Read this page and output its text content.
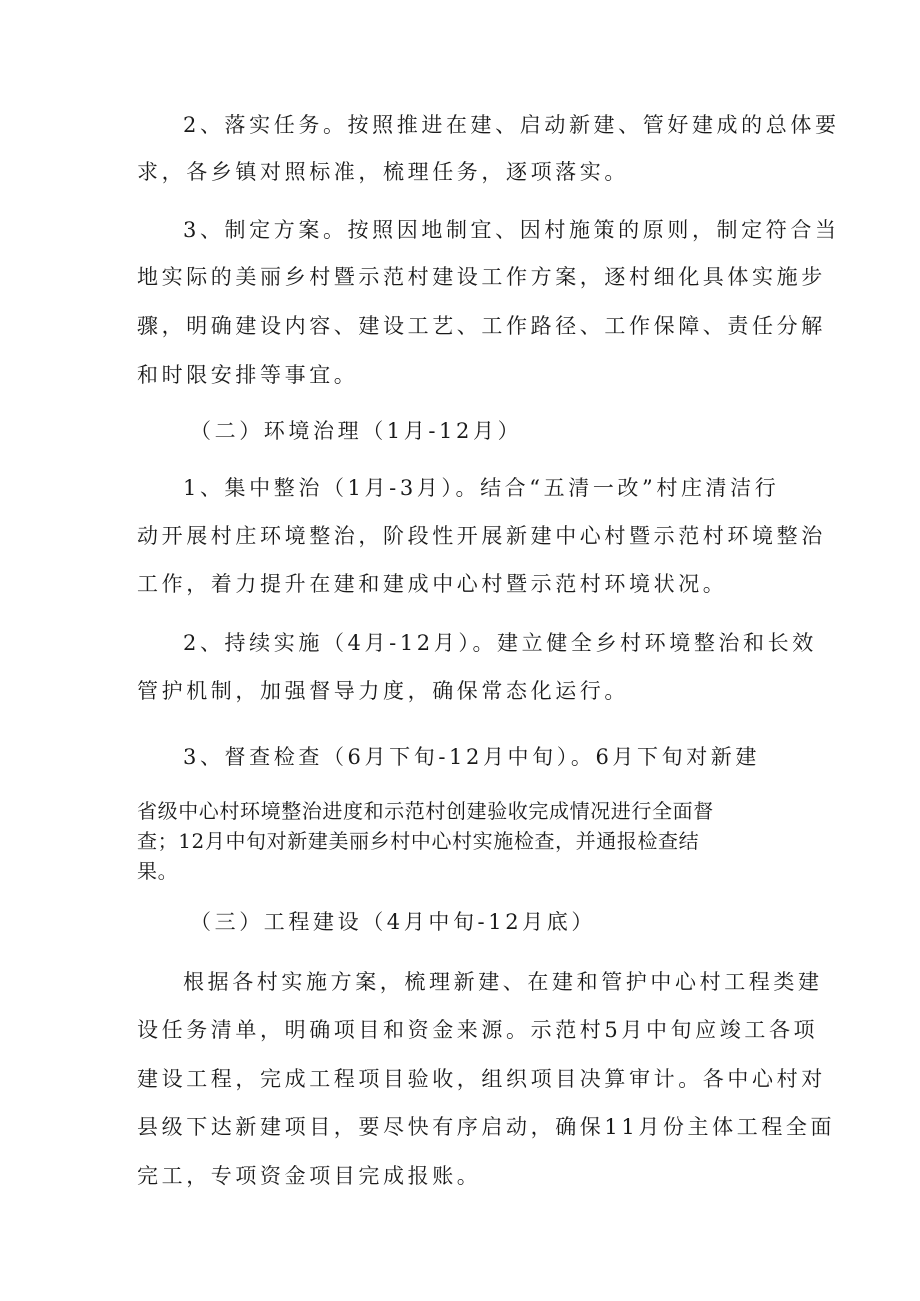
2、落实任务。按照推进在建、启动新建、管好建成的总体要
求，各乡镇对照标准，梳理任务，逐项落实。
3、制定方案。按照因地制宜、因村施策的原则，制定符合当
地实际的美丽乡村暨示范村建设工作方案，逐村细化具体实施步
骤，明确建设内容、建设工艺、工作路径、工作保障、责任分解
和时限安排等事宜。
（二）环境治理（1月-12月）
1、集中整治（1月-3月）。结合“五清一改”村庄清洁行
动开展村庄环境整治，阶段性开展新建中心村暨示范村环境整治
工作，着力提升在建和建成中心村暨示范村环境状况。
2、持续实施（4月-12月）。建立健全乡村环境整治和长效
管护机制，加强督导力度，确保常态化运行。
3、督查检查（6月下旬-12月中旬）。6月下旬对新建
省级中心村环境整治进度和示范村创建验收完成情况进行全面督
查；12月中旬对新建美丽乡村中心村实施检查，并通报检查结
果。
（三）工程建设（4月中旬-12月底）
根据各村实施方案，梳理新建、在建和管护中心村工程类建
设任务清单，明确项目和资金来源。示范村5月中旬应竣工各项
建设工程，完成工程项目验收，组织项目决算审计。各中心村对
县级下达新建项目，要尽快有序启动，确保11月份主体工程全面
完工，专项资金项目完成报账。
